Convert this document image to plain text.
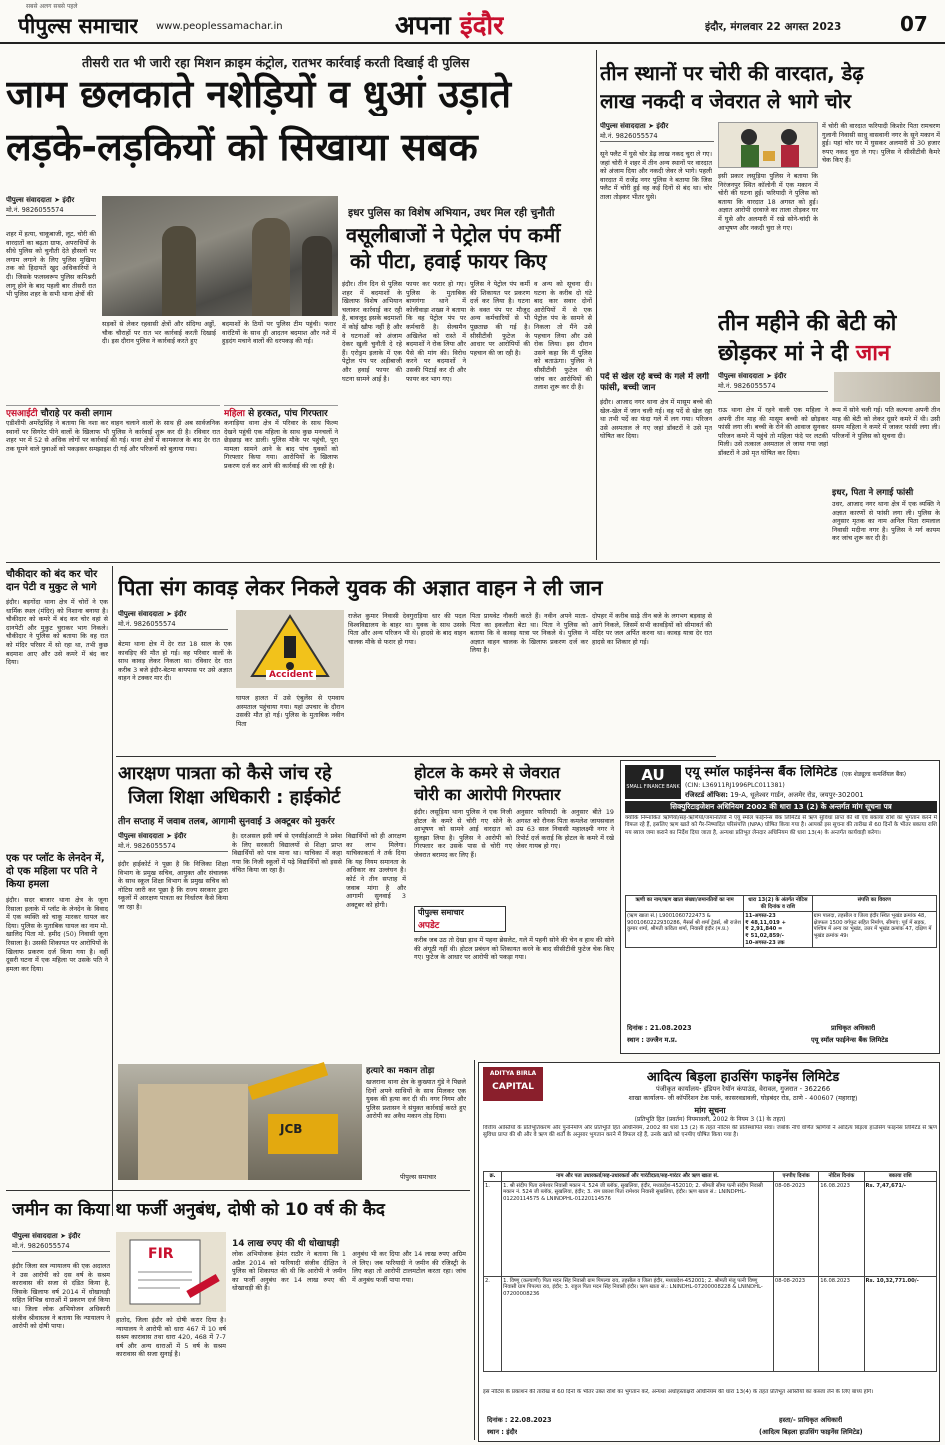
सबसे अलग सबसे पहले
पीपुल्स समाचार www.peoplessamachar.in	अपना इंदौर	इंदौर, मंगलवार 22 अगस्त 2023	07
तीसरी रात भी जारी रहा मिशन क्राइम कंट्रोल, रातभर कार्रवाई करती दिखाई दी पुलिस
जाम छलकाते नशेड़ियों व धुआं उड़ाते
लड़के-लड़कियों को सिखाया सबक
पीपुल्स संवाददाता ➤ इंदौर
मो.नं. 9826055574
शहर में हत्या, चाकूबाजी, लूट, चोरी की वारदातों का बढ़ता ग्राफ, अपराधियों के सीधे पुलिस को चुनौती देते हौसलों पर लगाम लगाने के लिए पुलिस मुखिया तक को हिदायतें खुद अधिकारियों ने दी। जिसके फलस्वरूप पुलिस कमिश्नरी लागू होने के बाद पहली बार तीसरी रात भी पुलिस शहर के सभी थाना क्षेत्रों की
सड़कों से लेकर रहवासी क्षेत्रों और संदिग्ध अड्डों, चौक चौराहों पर रात भर कार्रवाई करती दिखाई दी। इस दौरान पुलिस ने कार्रवाई करते हुए
बदमाशों के ठियों पर पुलिस टीम पहुंची। फरार वारंटियों के साथ ही आदतन बदमाश और नशे में हुड़दंग मचाने वालों की धरपकड़ की गई।
इधर पुलिस का विशेष अभियान, उधर मिल रही चुनौती
वसूलीबाजों ने पेट्रोल पंप कर्मी
को पीटा, हवाई फायर किए
इंदौर। तीन दिन से पुलिस शहर में बदमाशों के खिलाफ विशेष अभियान चलाकर कार्रवाई कर रही है, बावजूद इसके बदमाशों में कोई खौफ नहीं है और वे घटनाओं को अंजाम देकर खुली चुनौती दे रहे हैं। एरोड्रम इलाके में एक पेट्रोल पंप पर अड़ीबाजी और हवाई फायर की घटना सामने आई है।
फायर कर फरार हो गए। पुलिस के मुताबिक बाणगंगा थाने में कोलीवाड़ा शख्स ने बताया कि वह पेट्रोल पंप पर कर्मचारी है। सेल्समैन अखिलेश को रास्ते में बदमाशों ने रोक लिया और पैसे की मांग की। विरोध करने पर बदमाशों ने उसकी पिटाई कर दी और फायर कर भाग गए।
पुलिस ने पेट्रोल पंप कर्मी की शिकायत पर प्रकरण दर्ज कर लिया है। घटना के वक्त पंप पर मौजूद अन्य कर्मचारियों से भी पूछताछ की गई है। सीसीटीवी फुटेज के आधार पर आरोपियों की पहचान की जा रही है।
व अन्य को सूचना दी। घटना के करीब दो घंटे बाद कार सवार दोनों आरोपियों में से एक पेट्रोल पंप के सामने से निकला तो मैंने उसे पहचान लिया और उसे रोक लिया। इस दौरान उसने कहा कि मैं पुलिस को बताऊंगा। पुलिस ने सीसीटीवी फुटेज की जांच कर आरोपियों की तलाश शुरू कर दी है।
एसआईटी चौराहे पर कसी लगाम
एडीशीपी अमरेंद्रसिंह ने बताया कि नशा कर वाहन चलाने वालों के साथ ही अब सार्वजनिक स्थानों पर सिगरेट पीने वालों के खिलाफ भी पुलिस ने कार्रवाई शुरू कर दी है। रविवार रात शहर भर में 52 से अधिक लोगों पर कार्रवाई की गई। थाना क्षेत्रों में कामकाज के बाद देर रात तक घूमने वाले युवाओं को पकड़कर समझाइश दी गई और परिजनों को बुलाया गया।
महिला से हरकत, पांच गिरफ्तार
कनाड़िया थाना क्षेत्र में परिवार के साथ फिल्म देखने पहुंची एक महिला के साथ कुछ मनचलों ने छेड़छाड़ कर डाली। पुलिस मौके पर पहुंची, पूरा मामला सामने आने के बाद पांच युवकों को गिरफ्तार किया गया। आरोपियों के खिलाफ प्रकरण दर्ज कर आगे की कार्रवाई की जा रही है।
तीन स्थानों पर चोरी की वारदात, डेढ़
लाख नकदी व जेवरात ले भागे चोर
पीपुल्स संवाददाता ➤ इंदौर
मो.नं. 9826055574
सूने फ्लैट में घुसे चोर डेढ़ लाख नकद चुरा ले गए। जहां चोरी ने शहर में तीन अन्य स्थानों पर वारदात को अंजाम दिया और नकदी जेवर ले भागे। पहली वारदात में राजेंद्र नगर पुलिस ने बताया कि जिस फ्लैट में चोरी हुई वह कई दिनों से बंद था। चोर ताला तोड़कर भीतर घुसे।
पर्दे से खेल रहे बच्चे के गले में लगी फांसी, बच्ची जान
इंदौर। आजाद नगर थाना क्षेत्र में मासूम बच्चे की खेल-खेल में जान चली गई। वह पर्दे से खेल रहा था तभी पर्दे का फंदा गले में लग गया। परिजन उसे अस्पताल ले गए जहां डॉक्टरों ने उसे मृत घोषित कर दिया।
इसी प्रकार लसूड़िया पुलिस ने बताया कि निरंजनपुर स्थित कॉलोनी में एक मकान में चोरी की घटना हुई। फरियादी ने पुलिस को बताया कि वारदात 18 अगस्त को हुई। अज्ञात आरोपी दरवाजे का ताला तोड़कर घर में घुसे और अलमारी में रखे सोने-चांदी के आभूषण और नकदी चुरा ले गए।
में चोरी की वारदात फरियादी किशोर पिता रामचरण गुलानी निवासी साधु वासवानी नगर के सूने मकान में हुई। यहां चोर घर में घुसकर अलमारी से 30 हजार रुपए नकद चुरा ले गए। पुलिस ने सीसीटीवी कैमरे चेक किए हैं।
तीन महीने की बेटी को
छोड़कर मां ने दी जान
पीपुल्स संवाददाता ➤ इंदौर
मो.नं. 9826055574
राऊ थाना क्षेत्र में रहने वाली एक महिला ने अपनी तीन माह की मासूम बच्ची को छोड़कर फांसी लगा ली। बच्ची के रोने की आवाज सुनकर परिजन कमरे में पहुंचे तो महिला फंदे पर लटकी मिली। उसे तत्काल अस्पताल ले जाया गया जहां डॉक्टरों ने उसे मृत घोषित कर दिया।
रूम में सोने चली गई। पति कल्पना अपनी तीन माह की बेटी को लेकर दूसरे कमरे में थी। उसी समय महिला ने कमरे में जाकर फांसी लगा ली। परिजनों ने पुलिस को सूचना दी।
इधर, पिता ने लगाई फांसी
उधर, आजाद नगर थाना क्षेत्र में एक व्यक्ति ने अज्ञात कारणों से फांसी लगा ली। पुलिस के अनुसार मृतक का नाम अनिल पिता रामलाल निवासी मदीना नगर है। पुलिस ने मर्ग कायम कर जांच शुरू कर दी है।
चौकीदार को बंद कर चोर दान पेटी व मुकुट ले भागे
इंदौर। बड़गोंदा थाना क्षेत्र में चोरों ने एक धार्मिक स्थल (मंदिर) को निशाना बनाया है। चौकीदार को कमरे में बंद कर चोर वहां से दानपेटी और मुकुट चुराकर भाग निकले। चौकीदार ने पुलिस को बताया कि वह रात को मंदिर परिसर में सो रहा था, तभी कुछ बदमाश आए और उसे कमरे में बंद कर दिया।
एक पर प्लॉट के लेनदेन में, दो एक महिला पर पति ने किया हमला
इंदौर। सदर बाजार थाना क्षेत्र के जूना रिसाला इलाके में प्लॉट के लेनदेन के विवाद में एक व्यक्ति को चाकू मारकर घायल कर दिया। पुलिस के मुताबिक घायल का नाम मो. खालिद पिता मो. हमीद (50) निवासी जूना रिसाला है। उसकी शिकायत पर आरोपियों के खिलाफ प्रकरण दर्ज किया गया है। वहीं दूसरी घटना में एक महिला पर उसके पति ने हमला कर दिया।
पिता संग कावड़ लेकर निकले युवक की अज्ञात वाहन ने ली जान
पीपुल्स संवाददाता ➤ इंदौर
मो.नं. 9826055574
बेटमा थाना क्षेत्र में देर रात 18 साल के एक कावड़िए की मौत हो गई। वह परिवार वालों के साथ कावड़ लेकर निकला था। रविवार देर रात करीब 3 बजे इंदौर-बेटमा बायपास पर उसे अज्ञात वाहन ने टक्कर मार दी।	Accident
घायल हालत में उसे एंबुलेंस से एमवाय अस्पताल पहुंचाया गया। यहां उपचार के दौरान उसकी मौत हो गई। पुलिस के मुताबिक नवीन पिता
राजेश कुमार निवासी देवगुराड़िया धार की पदल विश्वविद्यालय के बाहर था। युवक के साथ उसके पिता और अन्य परिजन भी थे। हादसे के बाद वाहन चालक मौके से फरार हो गया।
पिता प्रायवेट नौकरी करते हैं। नवीन अपने माता-पिता का इकलौता बेटा था। पिता ने पुलिस को बताया कि वे कावड़ यात्रा पर निकले थे। पुलिस ने अज्ञात वाहन चालक के खिलाफ प्रकरण दर्ज कर लिया है।
दोपहर में करीब साढ़े तीन बजे के लगभग बड़वाह से आगे निकले, जिसमें सभी कावड़ियों को सीमावर्त की मंदिर पर जल अर्पित करना था। कावड़ यात्रा देर रात हादसे का शिकार हो गई।
आरक्षण पात्रता को कैसे जांच रहे
जिला शिक्षा अधिकारी : हाईकोर्ट
तीन सप्ताह में जवाब तलब, आगामी सुनवाई 3 अक्टूबर को मुकर्रर
पीपुल्स संवाददाता ➤ इंदौर
मो.नं. 9826055574
इंदौर हाईकोर्ट ने पूछा है कि निजिका शिक्षा विभाग के प्रमुख सचिव, आयुक्त और संचालक के साथ स्कूल शिक्षा विभाग के प्रमुख सचिव को नोटिस जारी कर पूछा है कि राज्य सरकार द्वारा स्कूलों में आरक्षण पात्रता का निर्धारण कैसे किया जा रहा है।
है। दरअसल इसी वर्ष से एनसीईआरटी ने प्रवेश के लिए सरकारी विद्यालयों से शिक्षा प्राप्त विद्यार्थियों को पात्र माना था। याचिका में कहा गया कि निजी स्कूलों में पढ़े विद्यार्थियों को इससे वंचित किया जा रहा है।
विद्यार्थियों को ही आरक्षण का लाभ मिलेगा। याचिकाकर्ता ने तर्क दिया कि यह नियम समानता के अधिकार का उल्लंघन है। कोर्ट ने तीन सप्ताह में जवाब मांगा है और आगामी सुनवाई 3 अक्टूबर को होगी।
होटल के कमरे से जेवरात
चोरी का आरोपी गिरफ्तार
इंदौर। लसूड़िया थाना पुलिस ने एक निजी होटल के कमरे से चोरी गए सोने के आभूषण को सामने आई वारदात को सुलझा लिया है। पुलिस ने आरोपी को गिरफ्तार कर उसके पास से चोरी गए जेवरात बरामद कर लिए हैं।
अनुसार फरियादी के अनुसार बीते 19 अगस्त को रौनक पिता कमलेश जायसवाल उम्र 63 साल निवासी महालक्ष्मी नगर ने रिपोर्ट दर्ज कराई कि होटल के कमरे में रखे जेवर गायब हो गए।
पीपुल्स समाचार
अपडेट
करीब जब उठ तो देखा हाथ में पहना ब्रेसलेट, गले में पहनी सोने की चेन व हाथ की सोने की अंगूठी नहीं थी। होटल प्रबंधन को शिकायत करने के बाद सीसीटीवी फुटेज चेक किए गए। फुटेज के आधार पर आरोपी को पकड़ा गया।
JCB
हत्यारे का मकान तोड़ा
खजराना थाना क्षेत्र के कुख्यात गुंडे ने पिछले दिनों अपने साथियों के साथ मिलकर एक युवक की हत्या कर दी थी। नगर निगम और पुलिस प्रशासन ने संयुक्त कार्रवाई करते हुए आरोपी का अवैध मकान तोड़ दिया।
पीपुल्स समाचार
जमीन का किया था फर्जी अनुबंध, दोषी को 10 वर्ष की कैद
पीपुल्स संवाददाता ➤ इंदौर
मो.नं. 9826055574
इंदौर जिला सत्र न्यायालय की एक अदालत ने उस आरोपी को दस वर्ष के सश्रम कारावास की सजा से दंडित किया है, जिसके खिलाफ वर्ष 2014 में धोखाधड़ी सहित विभिन्न धाराओं में प्रकरण दर्ज किया था। जिला लोक अभियोजन अधिकारी संजीव श्रीवास्तव ने बताया कि न्यायालय ने आरोपी को दोषी पाया।
FIR
हातोद, जिला इंदौर को दोषी करार दिया है। न्यायालय ने आरोपी को धारा 467 में 10 वर्ष सश्रम कारावास तथा धारा 420, 468 में 7-7 वर्ष और अन्य धाराओं में 5 वर्ष के सश्रम कारावास की सजा सुनाई है।
14 लाख रुपए की थी धोखाधड़ी
लोक अभियोजक हेमंत राठौर ने बताया कि 1 अप्रैल 2014 को फरियादी संजीव दीक्षित ने पुलिस को शिकायत की थी कि आरोपी ने जमीन का फर्जी अनुबंध कर 14 लाख रुपए की धोखाधड़ी की है।
अनुबंध भी कर दिया और 14 लाख रुपए अग्रिम ले लिए। जब फरियादी ने जमीन की रजिस्ट्री के लिए कहा तो आरोपी टालमटोल करता रहा। जांच में अनुबंध फर्जी पाया गया।
AU
SMALL FINANCE BANK
एयू स्मॉल फाईनेन्स बैंक लिमिटेड (एक शेड्यूल्ड कमर्शियल बैंक)
(CIN: L36911RJ1996PLC011381)
रजिस्टर्ड ऑफिस: 19-A, धूलेश्वर गार्डन, अजमेर रोड, जयपुर-302001
सिक्युरिटाइजेशन अधिनियम 2002 की धारा 13 (2) के अन्तर्गत मांग सूचना पत्र
क्योंकि निम्नांकित ऋणियों/सह-ऋणियों/जमानतियों ने एयू स्मॉल फाईनेन्स बैंक लिमिटेड से ऋण सुविधा प्राप्त की थी एवं बकाया राशि का भुगतान करने में विफल रहे हैं, इसलिए ऋण खाते को गैर-निष्पादित परिसंपत्ति (NPA) घोषित किया गया है। आपको इस सूचना की तारीख से 60 दिनों के भीतर बकाया राशि मय ब्याज जमा कराने का निर्देश दिया जाता है, अन्यथा प्रतिभूत लेनदार अधिनियम की धारा 13(4) के अन्तर्गत कार्यवाही करेगा।
ऋणी का नाम/ऋण खाता संख्या/जमानतियों का नाम	धारा 13(2) के अंतर्गत नोटिस की दिनांक व राशि	संपत्ति का विवरण
(ऋण खाता सं.) L9001060722473 & 9001060222930286, मैसर्स श्री शर्मा ट्रेडर्स, श्री राजेश कुमार शर्मा, श्रीमती कविता शर्मा, निवासी इंदौर (म.प्र.)	11-अगस्त-23
₹ 48,11,019 +
₹ 2,91,840 =
₹ 51,02,859/-
10-अगस्त-23 तक	ग्राम पालदा, तहसील व जिला इंदौर स्थित भूखंड क्रमांक 48, क्षेत्रफल 1500 वर्गफुट सहित निर्माण, सीमाएं: पूर्व में सड़क, पश्चिम में अन्य का भूखंड, उत्तर में भूखंड क्रमांक 47, दक्षिण में भूखंड क्रमांक 49।
दिनांक : 21.08.2023
स्थान : उज्जैन म.प्र.
प्राधिकृत अधिकारी
एयू स्मॉल फाईनेन्स बैंक लिमिटेड
ADITYA BIRLA
CAPITAL
आदित्य बिड़ला हाउसिंग फाइनेंस लिमिटेड
पंजीकृत कार्यालय- इंडियन रेयॉन कंपाउंड, वेरावल, गुजरात - 362266
शाखा कार्यालय- जी कॉर्पोरेशन टेक पार्क, कासरवडावली, घोड़बंदर रोड, ठाणे - 400607 (महाराष्ट्र)
मांग सूचना
(प्रतिभूति हित (प्रवर्तन) नियमावली, 2002 के नियम 3 (1) के तहत)
वित्तीय आस्तियों के प्रतिभूतिकरण और पुनर्निर्माण और प्रतिभूति हित अधिनियम, 2002 की धारा 13 (2) के तहत नोटिस की प्रतिस्थापित सेवा। जबकि नीचे वर्णित ऋणियों ने आदित्य बिड़ला हाउसिंग फाइनेंस लिमिटेड से ऋण सुविधा प्राप्त की थी और वे ऋण की शर्तों के अनुसार भुगतान करने में विफल रहे हैं, उनके खाते को एनपीए घोषित किया गया है।
क्र.	नाम और पता उधारकर्ता/सह-उधारकर्ता और गारंटीदाता/सह-गारंटर और ऋण खाता सं.	एनपीए दिनांक	नोटिस दिनांक	बकाया राशि
1.	1. श्री संदीप पिता रामेश्वर निवासी मकान नं. 524 जी ब्लॉक, सुखलिया, इंदौर, मध्यप्रदेश-452010; 2. श्रीमती सीमा पत्नी संदीप निवासी मकान नं. 524 जी ब्लॉक, सुखलिया, इंदौर; 3. राम प्रकाश पिता रामेश्वर निवासी सुखलिया, इंदौर। ऋण खाता सं.: LNINDPHL-01220114575 & LNINDPHL-01220114576	08-08-2023	16.08.2023	Rs. 7,47,671/-
2.	1. विष्णु (कल्याणी) पिता मदन सिंह निवासी ग्राम पिपल्या राव, तहसील व जिला इंदौर, मध्यप्रदेश-452001; 2. श्रीमती मंजू पत्नी विष्णु निवासी ग्राम पिपल्या राव, इंदौर; 3. राहुल पिता मदन सिंह निवासी इंदौर। ऋण खाता सं.: LNINDHL-07200008228 & LNINDHL-07200008236	08-08-2023	16.08.2023	Rs. 10,32,771.00/-
इस नोटिस के प्रकाशन की तारीख से 60 दिनों के भीतर उक्त राशि का भुगतान करें, अन्यथा अधोहस्ताक्षरी अधिनियम की धारा 13(4) के तहत प्रतिभूत आस्तियों का कब्जा लेने के लिए बाध्य होंगे।
दिनांक : 22.08.2023
स्थान : इंदौर
हस्ता/- प्राधिकृत अधिकारी
(आदित्य बिड़ला हाउसिंग फाइनेंस लिमिटेड)
